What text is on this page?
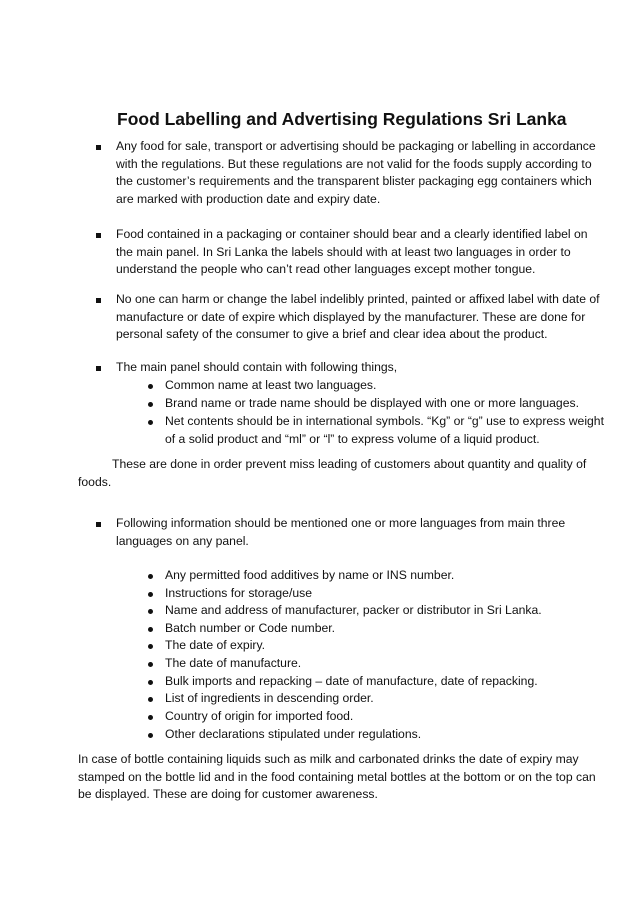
Food Labelling and Advertising Regulations Sri Lanka

Any food for sale, transport or advertising should be packaging or labelling in accordance with the regulations. But these regulations are not valid for the foods supply according to the customer’s requirements and the transparent blister packaging egg containers which are marked with production date and expiry date.

Food contained in a packaging or container should bear and a clearly identified label on the main panel. In Sri Lanka the labels should with at least two languages in order to understand the people who can’t read other languages except mother tongue.

No one can harm or change the label indelibly printed, painted or affixed label with date of manufacture or date of expire which displayed by the manufacturer. These are done for personal safety of the consumer to give a brief and clear idea about the product.

The main panel should contain with following things,

Common name at least two languages.

Brand name or trade name should be displayed with one or more languages.

Net contents should be in international symbols. “Kg” or “g” use to express weight of a solid product and “ml” or “l” to express volume of a liquid product.

These are done in order prevent miss leading of customers about quantity and quality of

foods.

Following information should be mentioned one or more languages from main three languages on any panel.

Any permitted food additives by name or INS number.

Instructions for storage/use

Name and address of manufacturer, packer or distributor in Sri Lanka.

Batch number or Code number.

The date of expiry.

The date of manufacture.

Bulk imports and repacking – date of manufacture, date of repacking.

List of ingredients in descending order.

Country of origin for imported food.

Other declarations stipulated under regulations.

In case of bottle containing liquids such as milk and carbonated drinks the date of expiry may stamped on the bottle lid and in the food containing metal bottles at the bottom or on the top can be displayed. These are doing for customer awareness.
